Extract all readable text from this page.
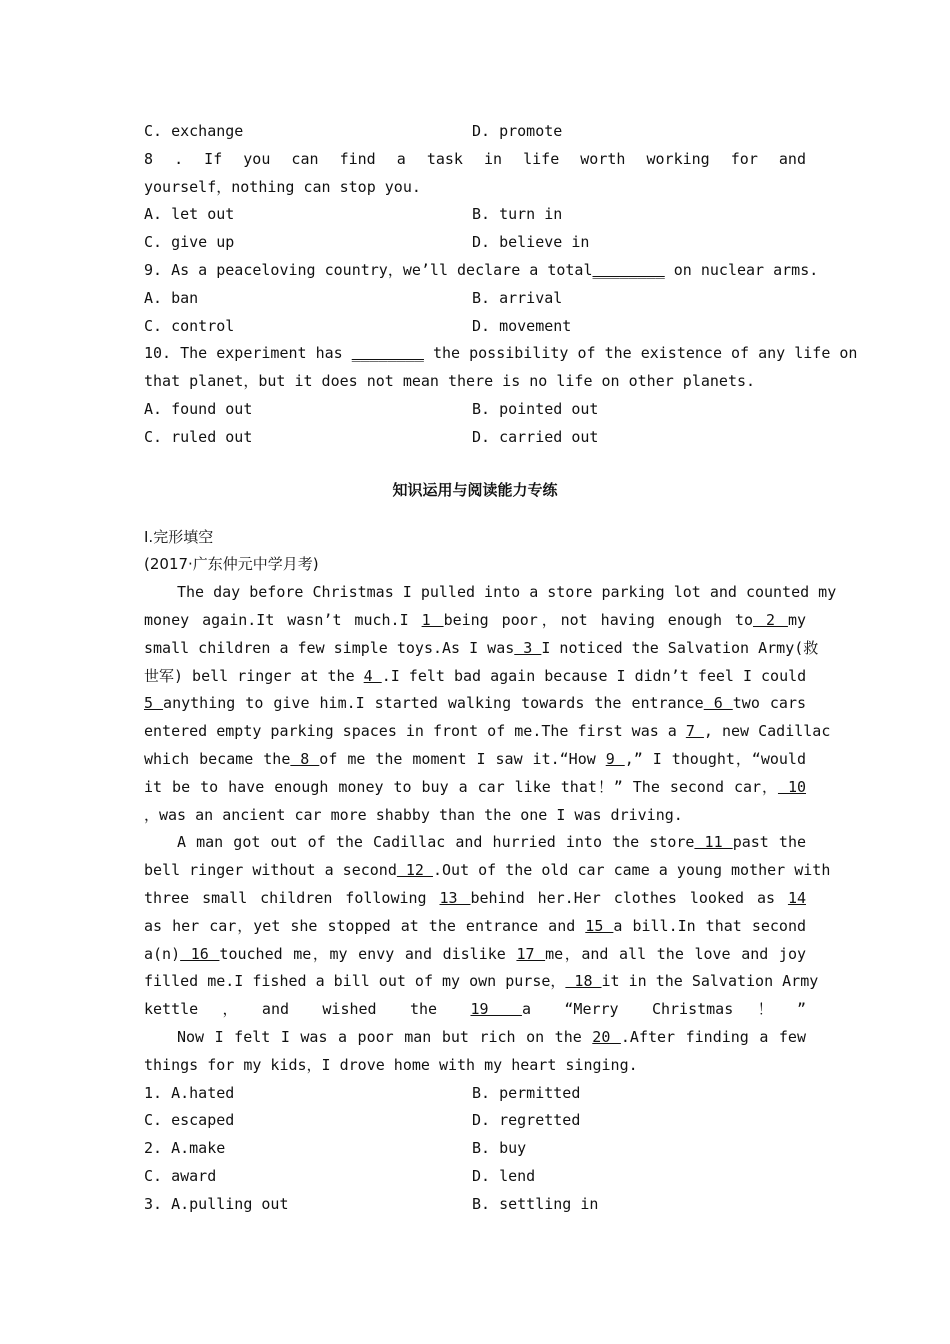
C. exchange	D. promote
8 . If you can find a task in life worth working for and
yourself，nothing can stop you.
A. let out	B. turn in
C. give up	D. believe in
9. As a peaceloving country，we’ll declare a total________ on nuclear arms.
A. ban	B. arrival
C. control	D. movement
10. The experiment has ________ the possibility of the existence of any life on
that planet，but it does not mean there is no life on other planets.
A. found out	B. pointed out
C. ruled out	D. carried out
知识运用与阅读能力专练
Ⅰ.完形填空
(2017·广东仲元中学月考)
The day before Christmas I pulled into a store parking lot and counted my
money again.It wasn’t much.I 1 being poor，not having enough to 2 my
small children a few simple toys.As I was 3 I noticed the Salvation Army(救
世军) bell ringer at the 4 .I felt bad again because I didn’t feel I could
5 anything to give him.I started walking towards the entrance 6 two cars
entered empty parking spaces in front of me.The first was a 7 , new Cadillac
which became the 8 of me the moment I saw it.“How 9 ,” I thought，“would
it be to have enough money to buy a car like that！” The second car， 10
，was an ancient car more shabby than the one I was driving.
A man got out of the Cadillac and hurried into the store 11 past the
bell ringer without a second 12 .Out of the old car came a young mother with
three small children following 13 behind her.Her clothes looked as 14
as her car，yet she stopped at the entrance and 15 a bill.In that second
a(n) 16 touched me，my envy and dislike 17 me，and all the love and joy
filled me.I fished a bill out of my own purse， 18 it in the Salvation Army
kettle，and wished the 19 a “Merry Christmas！”
Now I felt I was a poor man but rich on the 20 .After finding a few
things for my kids，I drove home with my heart singing.
1. A.hated	B. permitted
C. escaped	D. regretted
2. A.make	B. buy
C. award	D. lend
3. A.pulling out	B. settling in
